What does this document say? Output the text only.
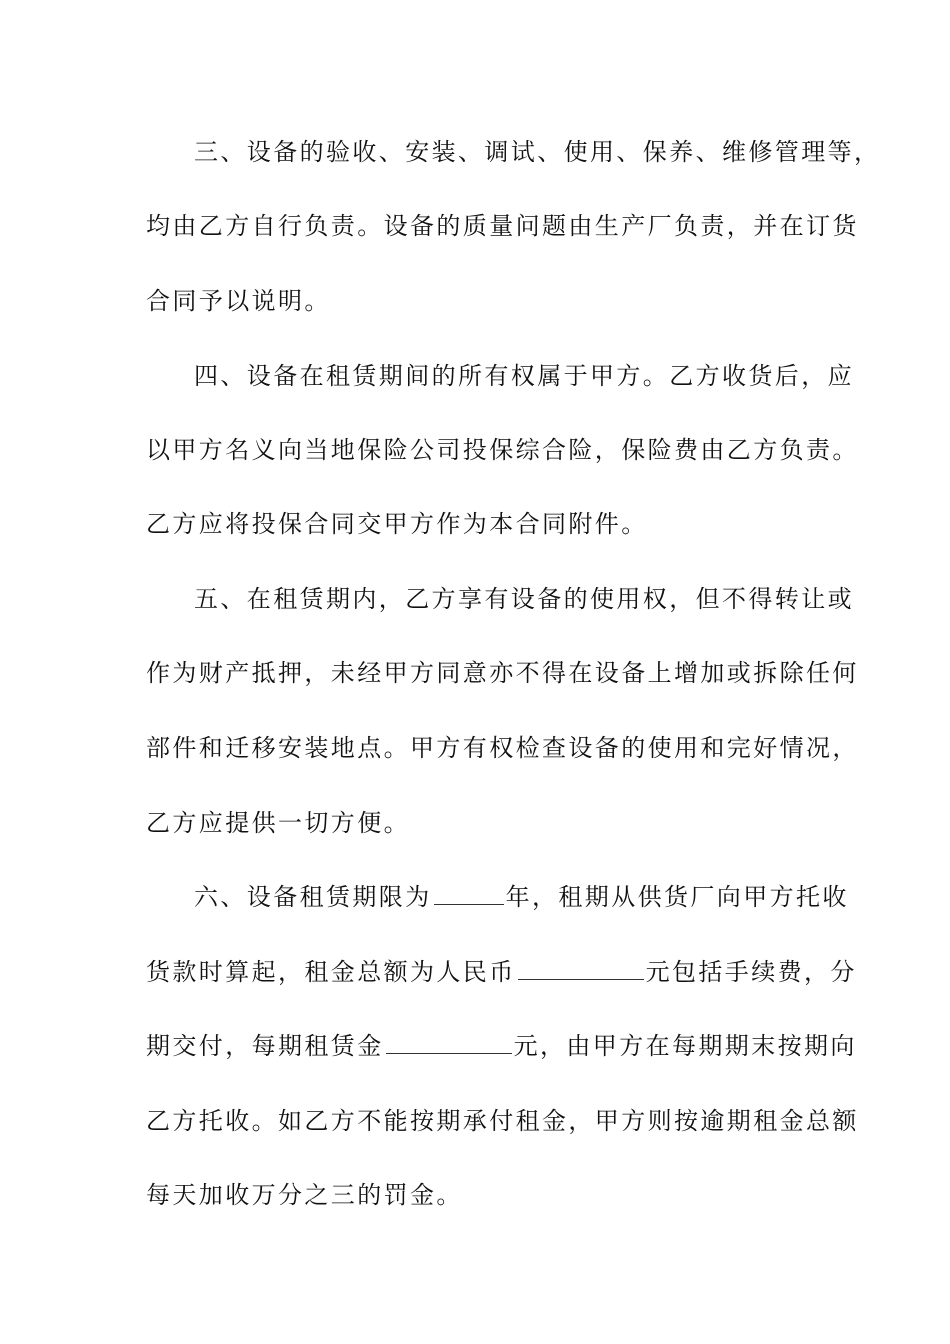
三、设备的验收、安装、调试、使用、保养、维修管理等，
均由乙方自行负责。设备的质量问题由生产厂负责，并在订货
合同予以说明。
四、设备在租赁期间的所有权属于甲方。乙方收货后，应
以甲方名义向当地保险公司投保综合险，保险费由乙方负责。
乙方应将投保合同交甲方作为本合同附件。
五、在租赁期内，乙方享有设备的使用权，但不得转让或
作为财产抵押，未经甲方同意亦不得在设备上增加或拆除任何
部件和迁移安装地点。甲方有权检查设备的使用和完好情况，
乙方应提供一切方便。
六、设备租赁期限为	年，租期从供货厂向甲方托收
货款时算起，租金总额为人民币	元包括手续费，分
期交付，每期租赁金	元，由甲方在每期期末按期向
乙方托收。如乙方不能按期承付租金，甲方则按逾期租金总额
每天加收万分之三的罚金。
